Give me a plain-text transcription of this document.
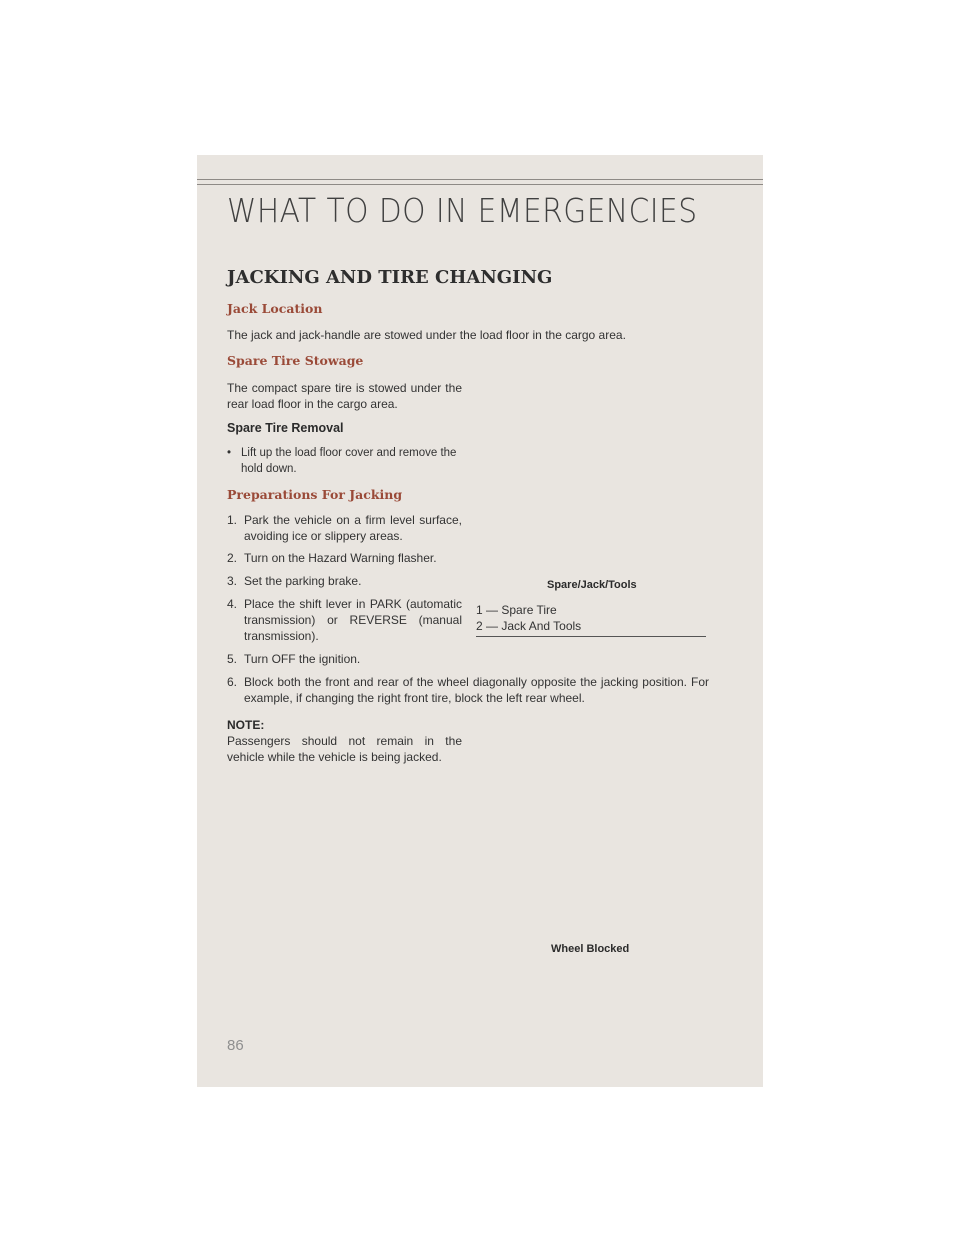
WHAT TO DO IN EMERGENCIES
JACKING AND TIRE CHANGING
Jack Location
The jack and jack-handle are stowed under the load floor in the cargo area.
Spare Tire Stowage
The compact spare tire is stowed under the rear load floor in the cargo area.
Spare Tire Removal
• Lift up the load floor cover and remove the hold down.
Preparations For Jacking
1. Park the vehicle on a firm level surface, avoiding ice or slippery areas.
2. Turn on the Hazard Warning flasher.
3. Set the parking brake.
4. Place the shift lever in PARK (automatic transmission) or REVERSE (manual transmission).
5. Turn OFF the ignition.
6. Block both the front and rear of the wheel diagonally opposite the jacking position. For example, if changing the right front tire, block the left rear wheel.
NOTE:
Passengers should not remain in the vehicle while the vehicle is being jacked.
Spare/Jack/Tools
1 — Spare Tire
2 — Jack And Tools
Wheel Blocked
86
